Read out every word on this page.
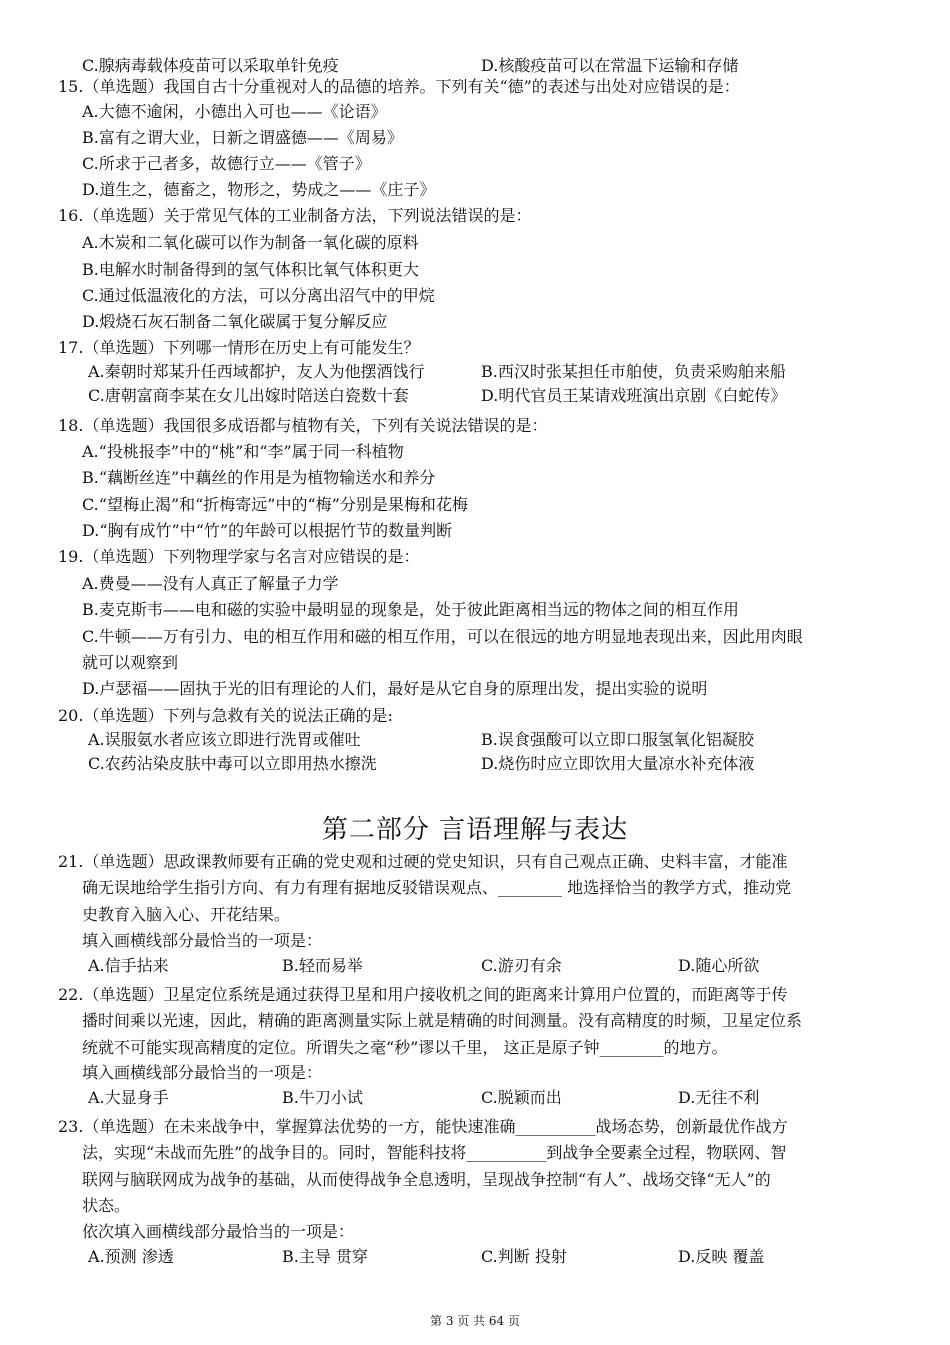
C.腺病毒载体疫苗可以采取单针免疫	D.核酸疫苗可以在常温下运输和存储
15.（单选题）我国自古十分重视对人的品德的培养。下列有关“德”的表述与出处对应错误的是：
A.大德不逾闲，小德出入可也——《论语》
B.富有之谓大业，日新之谓盛德——《周易》
C.所求于己者多，故德行立——《管子》
D.道生之，德畜之，物形之，势成之——《庄子》
16.（单选题）关于常见气体的工业制备方法，下列说法错误的是：
A.木炭和二氧化碳可以作为制备一氧化碳的原料
B.电解水时制备得到的氢气体积比氧气体积更大
C.通过低温液化的方法，可以分离出沼气中的甲烷
D.煅烧石灰石制备二氧化碳属于复分解反应
17.（单选题）下列哪一情形在历史上有可能发生？
A.秦朝时郑某升任西域都护，友人为他摆酒饯行	B.西汉时张某担任市舶使，负责采购舶来船
C.唐朝富商李某在女儿出嫁时陪送白瓷数十套	D.明代官员王某请戏班演出京剧《白蛇传》
18.（单选题）我国很多成语都与植物有关，下列有关说法错误的是：
A.“投桃报李”中的“桃”和“李”属于同一科植物
B.“藕断丝连”中藕丝的作用是为植物输送水和养分
C.“望梅止渴”和“折梅寄远”中的“梅”分别是果梅和花梅
D.“胸有成竹”中“竹”的年龄可以根据竹节的数量判断
19.（单选题）下列物理学家与名言对应错误的是：
A.费曼——没有人真正了解量子力学
B.麦克斯韦——电和磁的实验中最明显的现象是，处于彼此距离相当远的物体之间的相互作用
C.牛顿——万有引力、电的相互作用和磁的相互作用，可以在很远的地方明显地表现出来，因此用肉眼
就可以观察到
D.卢瑟福——固执于光的旧有理论的人们，最好是从它自身的原理出发，提出实验的说明
20.（单选题）下列与急救有关的说法正确的是:
A.误服氨水者应该立即进行洗胃或催吐	B.误食强酸可以立即口服氢氧化铝凝胶
C.农药沾染皮肤中毒可以立即用热水擦洗	D.烧伤时应立即饮用大量凉水补充体液
第二部分 言语理解与表达
21.（单选题）思政课教师要有正确的党史观和过硬的党史知识，只有自己观点正确、史料丰富，才能准
确无误地给学生指引方向、有力有理有据地反驳错误观点、________ 地选择恰当的教学方式，推动党
史教育入脑入心、开花结果。
填入画横线部分最恰当的一项是：
A.信手拈来	B.轻而易举	C.游刃有余	D.随心所欲
22.（单选题）卫星定位系统是通过获得卫星和用户接收机之间的距离来计算用户位置的，而距离等于传
播时间乘以光速，因此，精确的距离测量实际上就是精确的时间测量。没有高精度的时频，卫星定位系
统就不可能实现高精度的定位。所谓失之毫“秒”谬以千里， 这正是原子钟________的地方。
填入画横线部分最恰当的一项是：
A.大显身手	B.牛刀小试	C.脱颖而出	D.无往不利
23.（单选题）在未来战争中，掌握算法优势的一方，能快速准确__________战场态势，创新最优作战方
法，实现“未战而先胜”的战争目的。同时，智能科技将__________到战争全要素全过程，物联网、智
联网与脑联网成为战争的基础，从而使得战争全息透明，呈现战争控制“有人”、战场交锋“无人”的
状态。
依次填入画横线部分最恰当的一项是：
A.预测 渗透	B.主导 贯穿	C.判断 投射	D.反映 覆盖
第 3 页 共 64 页
